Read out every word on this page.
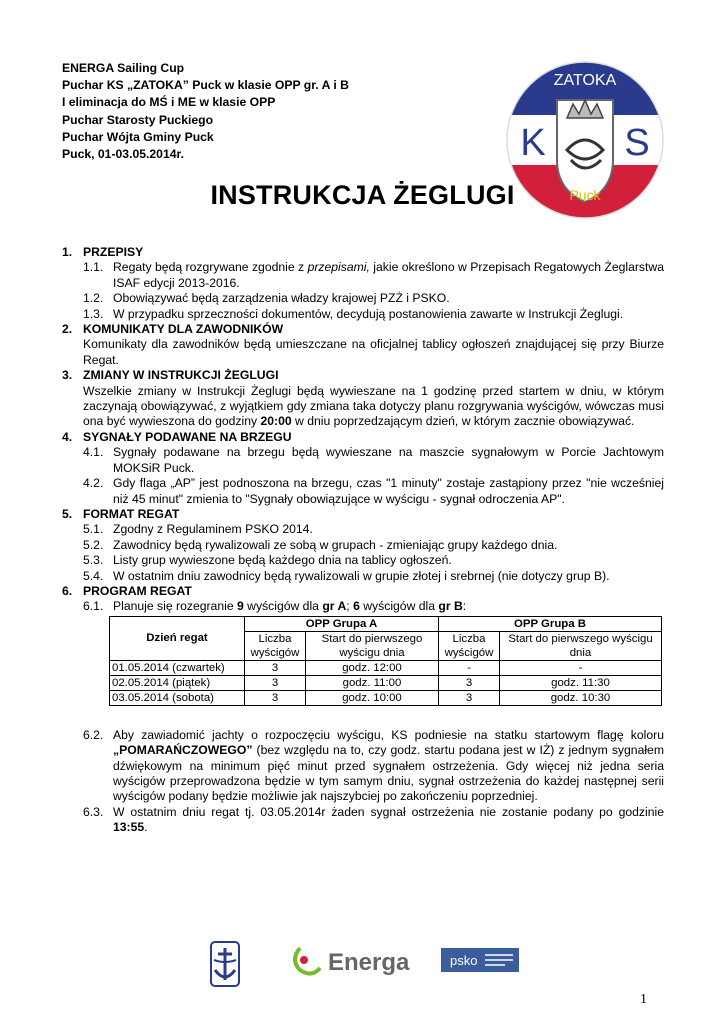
ENERGA Sailing Cup
Puchar KS „ZATOKA” Puck w klasie OPP gr. A i B
I eliminacja do MŚ i ME w klasie OPP
Puchar Starosty Puckiego
Puchar Wójta Gminy Puck
Puck, 01-03.05.2014r.
ZATOKA
K S
Puck
INSTRUKCJA ŻEGLUGI
1. PRZEPISY
1.1. Regaty będą rozgrywane zgodnie z przepisami, jakie określono w Przepisach Regatowych Żeglarstwa ISAF edycji 2013-2016.
1.2. Obowiązywać będą zarządzenia władzy krajowej PZŻ i PSKO.
1.3. W przypadku sprzeczności dokumentów, decydują postanowienia zawarte w Instrukcji Żeglugi.
2. KOMUNIKATY DLA ZAWODNIKÓW
Komunikaty dla zawodników będą umieszczane na oficjalnej tablicy ogłoszeń znajdującej się przy Biurze Regat.
3. ZMIANY W INSTRUKCJI ŻEGLUGI
Wszelkie zmiany w Instrukcji Żeglugi będą wywieszane na 1 godzinę przed startem w dniu, w którym zaczynają obowiązywać, z wyjątkiem gdy zmiana taka dotyczy planu rozgrywania wyścigów, wówczas musi ona być wywieszona do godziny 20:00 w dniu poprzedzającym dzień, w którym zacznie obowiązywać.
4. SYGNAŁY PODAWANE NA BRZEGU
4.1. Sygnały podawane na brzegu będą wywieszane na maszcie sygnałowym w Porcie Jachtowym MOKSiR Puck.
4.2. Gdy flaga „AP” jest podnoszona na brzegu, czas "1 minuty" zostaje zastąpiony przez "nie wcześniej niż 45 minut" zmienia to "Sygnały obowiązujące w wyścigu - sygnał odroczenia AP".
5. FORMAT REGAT
5.1. Zgodny z Regulaminem PSKO 2014.
5.2. Zawodnicy będą rywalizowali ze sobą w grupach - zmieniając grupy każdego dnia.
5.3. Listy grup wywieszone będą każdego dnia na tablicy ogłoszeń.
5.4. W ostatnim dniu zawodnicy będą rywalizowali w grupie złotej i srebrnej (nie dotyczy grup B).
6. PROGRAM REGAT
6.1. Planuje się rozegranie 9 wyścigów dla gr A; 6 wyścigów dla gr B:
Dzień regat	OPP Grupa A		OPP Grupa B	
	Liczba wyścigów	Start do pierwszego wyścigu dnia	Liczba wyścigów	Start do pierwszego wyścigu dnia
01.05.2014 (czwartek)	3	godz. 12:00	-	-
02.05.2014 (piątek)	3	godz. 11:00	3	godz. 11:30
03.05.2014 (sobota)	3	godz. 10:00	3	godz. 10:30
6.2. Aby zawiadomić jachty o rozpoczęciu wyścigu, KS podniesie na statku startowym flagę koloru „POMARAŃCZOWEGO” (bez względu na to, czy godz. startu podana jest w IŻ) z jednym sygnałem dźwiękowym na minimum pięć minut przed sygnałem ostrzeżenia. Gdy więcej niż jedna seria wyścigów przeprowadzona będzie w tym samym dniu, sygnał ostrzeżenia do każdej następnej serii wyścigów podany będzie możliwie jak najszybciej po zakończeniu poprzedniej.
6.3. W ostatnim dniu regat tj. 03.05.2014r żaden sygnał ostrzeżenia nie zostanie podany po godzinie 13:55.
Energa	psko
1
